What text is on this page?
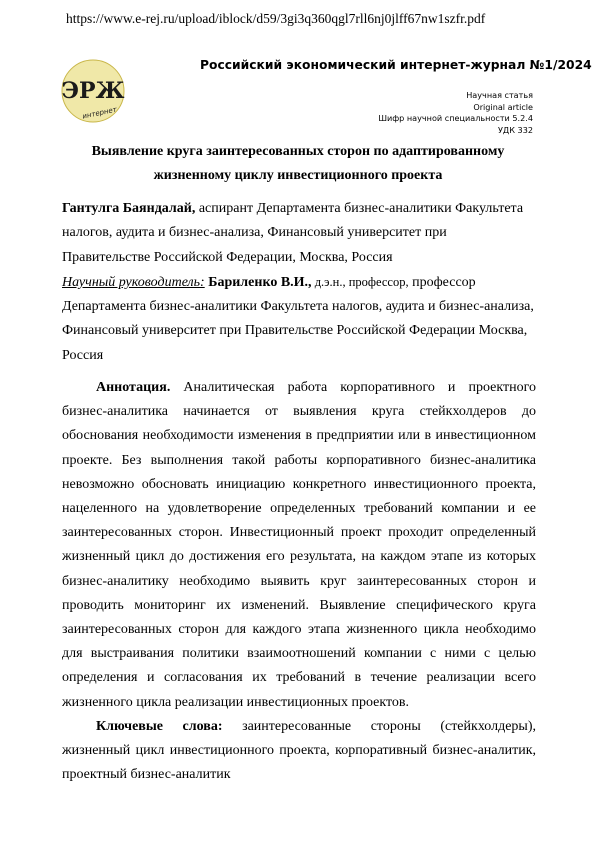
https://www.e-rej.ru/upload/iblock/d59/3gi3q360qgl7rll6nj0jlff67nw1szfr.pdf
ЭРЖ
интернет
Российский экономический интернет-журнал №1/2024
Научная статья
Original article
Шифр научной специальности 5.2.4
УДК 332
Выявление круга заинтересованных сторон по адаптированному жизненному циклу инвестиционного проекта

Гантулга Баяндалай, аспирант Департамента бизнес-аналитики Факультета налогов, аудита и бизнес-анализа, Финансовый университет при Правительстве Российской Федерации, Москва, Россия

Научный руководитель: Бариленко В.И., д.э.н., профессор, профессор Департамента бизнес-аналитики Факультета налогов, аудита и бизнес-анализа, Финансовый университет при Правительстве Российской Федерации Москва, Россия

Аннотация. Аналитическая работа корпоративного и проектного бизнес-аналитика начинается от выявления круга стейкхолдеров до обоснования необходимости изменения в предприятии или в инвестиционном проекте. Без выполнения такой работы корпоративного бизнес-аналитика невозможно обосновать инициацию конкретного инвестиционного проекта, нацеленного на удовлетворение определенных требований компании и ее заинтересованных сторон. Инвестиционный проект проходит определенный жизненный цикл до достижения его результата, на каждом этапе из которых бизнес-аналитику необходимо выявить круг заинтересованных сторон и проводить мониторинг их изменений. Выявление специфического круга заинтересованных сторон для каждого этапа жизненного цикла необходимо для выстраивания политики взаимоотношений компании с ними с целью определения и согласования их требований в течение реализации всего жизненного цикла реализации инвестиционных проектов.

Ключевые слова: заинтересованные стороны (стейкхолдеры), жизненный цикл инвестиционного проекта, корпоративный бизнес-аналитик, проектный бизнес-аналитик
